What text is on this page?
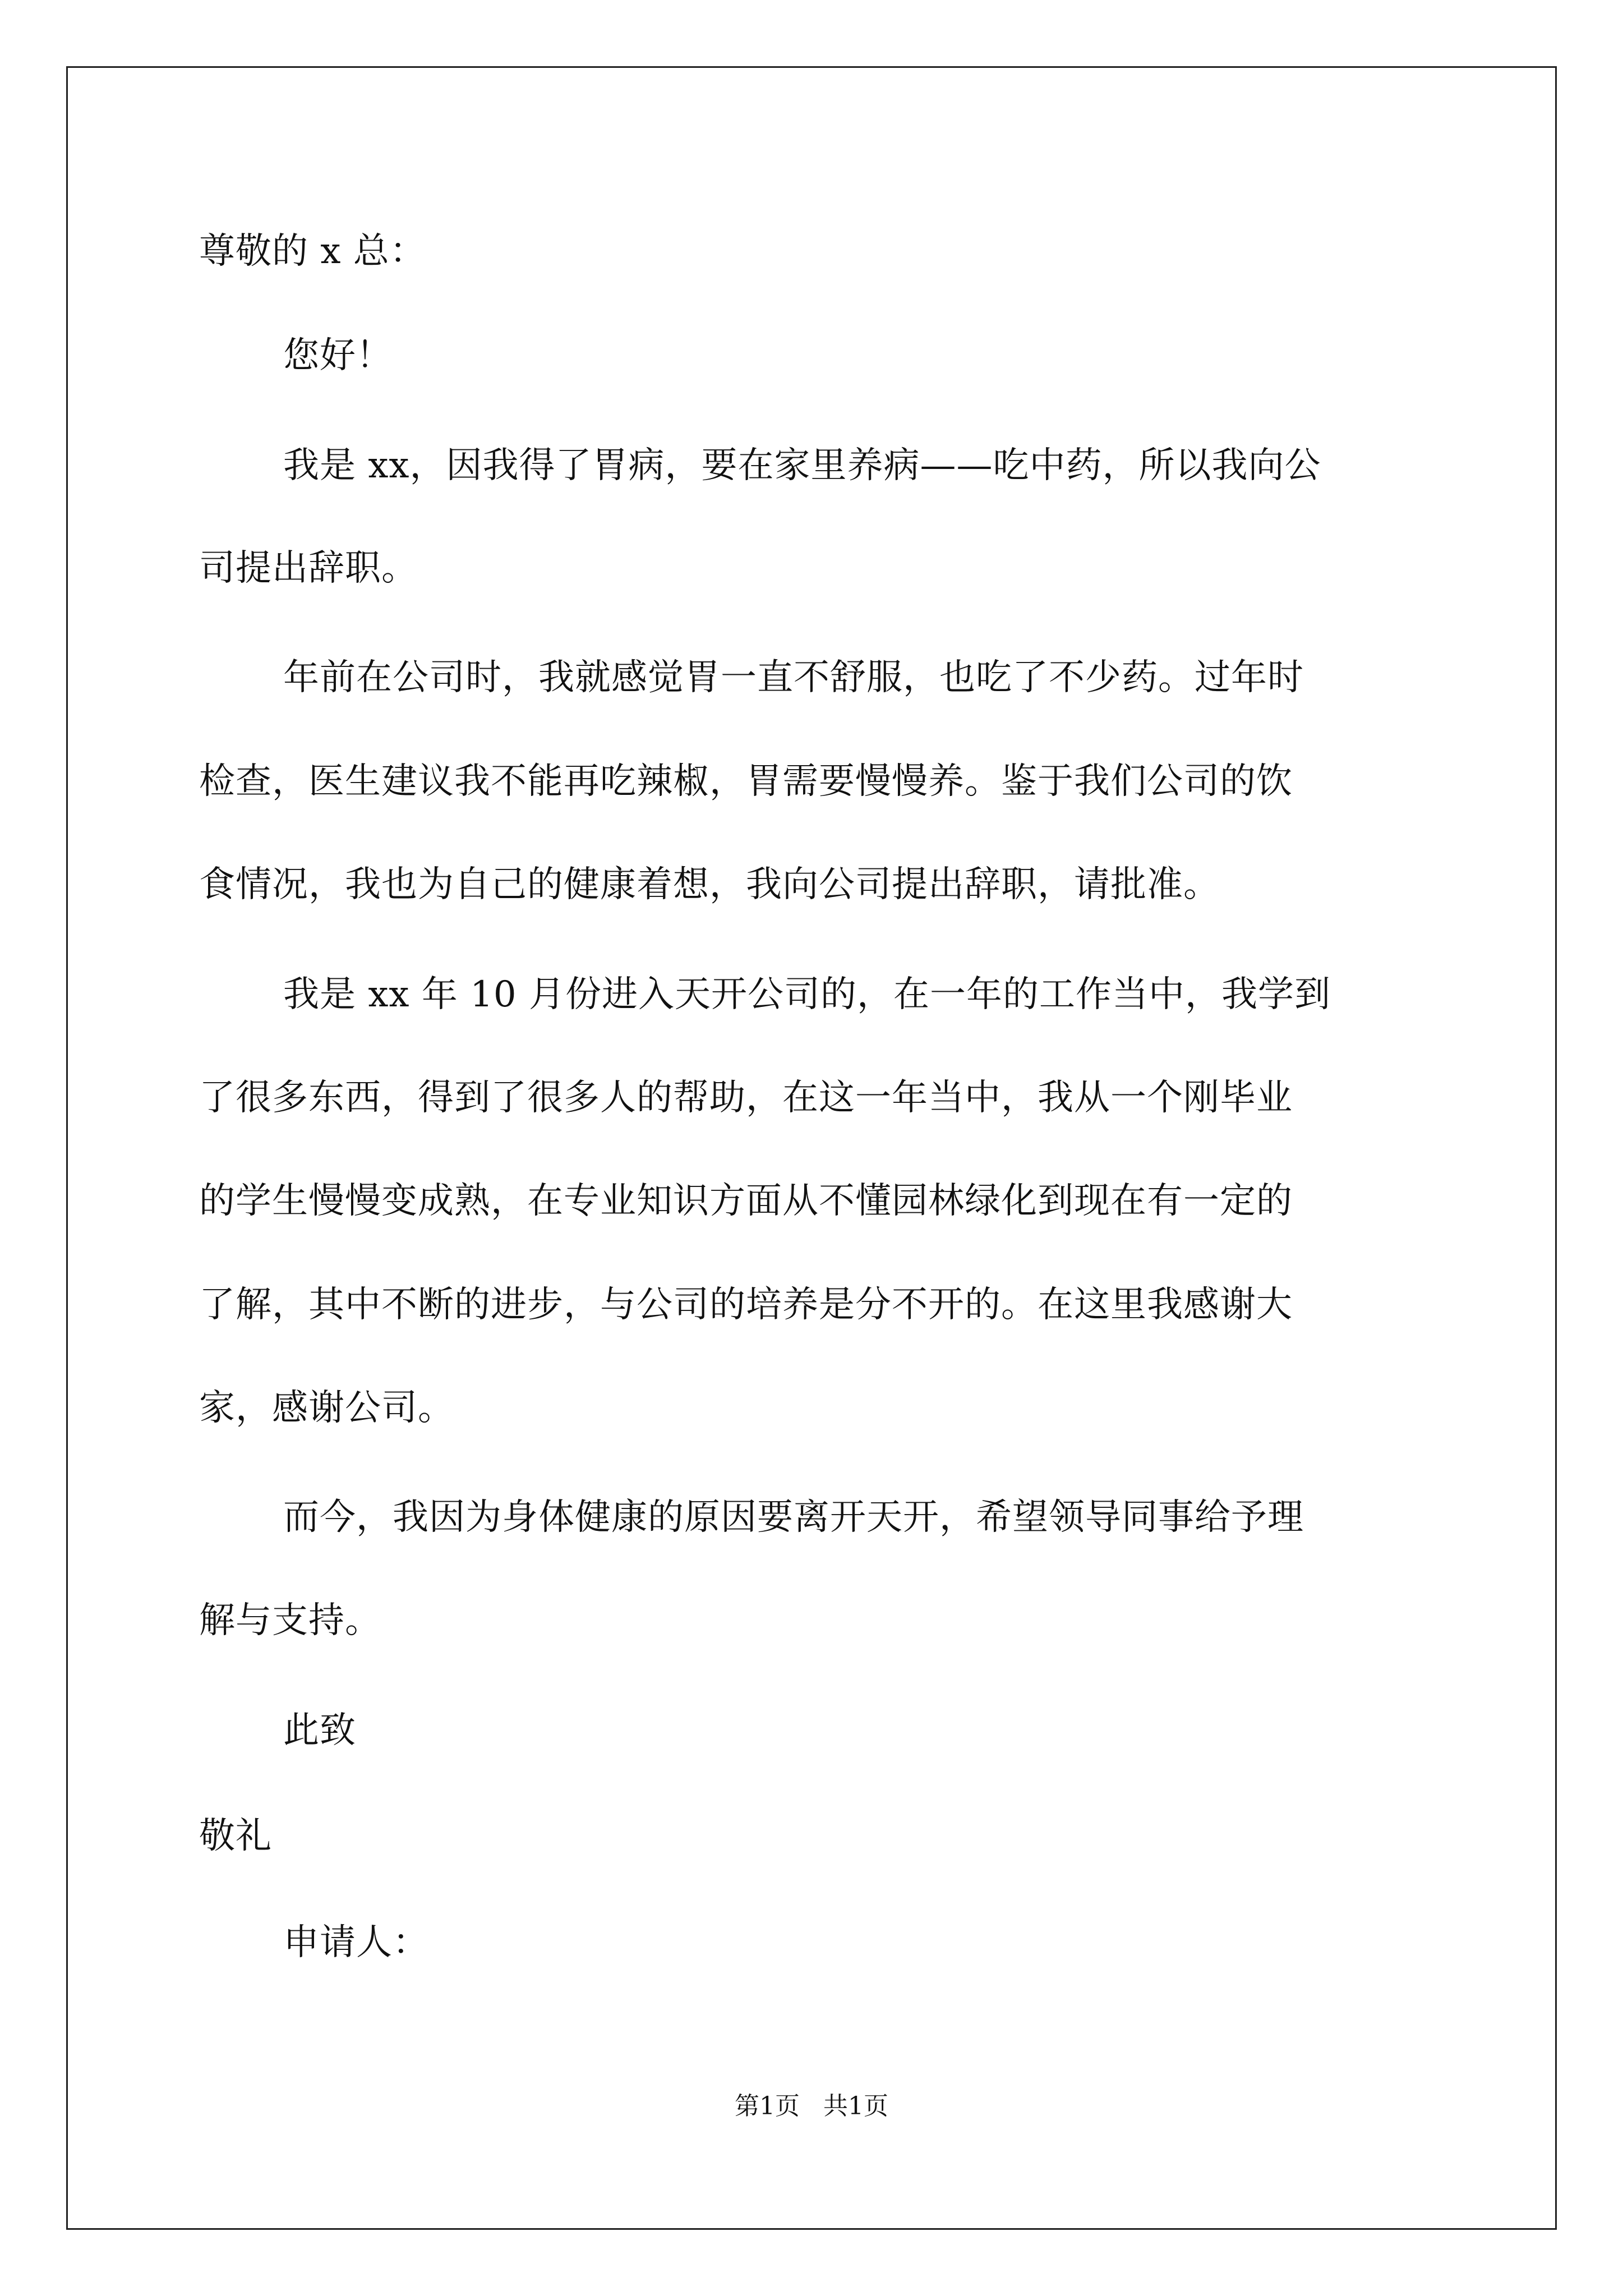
尊敬的 x 总：
您好！
我是 xx，因我得了胃病，要在家里养病——吃中药，所以我向公
司提出辞职。
年前在公司时，我就感觉胃一直不舒服，也吃了不少药。过年时
检查，医生建议我不能再吃辣椒，胃需要慢慢养。鉴于我们公司的饮
食情况，我也为自己的健康着想，我向公司提出辞职，请批准。
我是 xx 年 10 月份进入天开公司的，在一年的工作当中，我学到
了很多东西，得到了很多人的帮助，在这一年当中，我从一个刚毕业
的学生慢慢变成熟，在专业知识方面从不懂园林绿化到现在有一定的
了解，其中不断的进步，与公司的培养是分不开的。在这里我感谢大
家，感谢公司。
而今，我因为身体健康的原因要离开天开，希望领导同事给予理
解与支持。
此致
敬礼
申请人：
第1页   共1页
